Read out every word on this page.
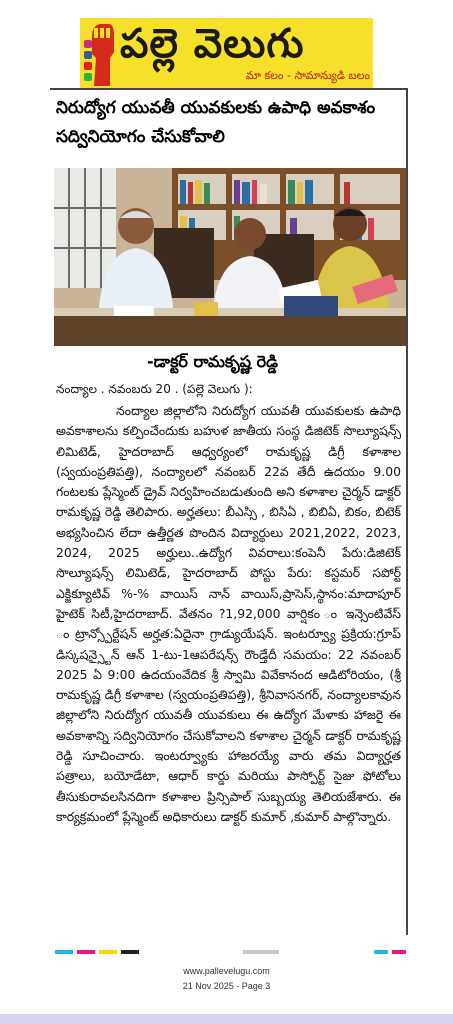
పల్లె వెలుగు
మా కలం - సామాన్యుడి బలం
నిరుద్యోగ యువతీ యువకులకు ఉపాధి అవకాశం సద్వినియోగం చేసుకోవాలి
-డాక్టర్ రామకృష్ణ రెడ్డి
నంద్యాల . నవంబరు 20 . (పల్లె వెలుగు ):

నంద్యాల జిల్లాలోని నిరుద్యోగ యువతీ యువకులకు ఉపాధి అవకాశాలను కల్పించేందుకు బహుళ జాతీయ సంస్థ డిజిటెక్ సొల్యూషన్స్ లిమిటెడ్, హైదరాబాద్ ఆధ్వర్యంలో రామకృష్ణ డిగ్రీ కళాశాల (స్వయంప్రతిపత్తి), నంద్యాలలో నవంబర్ 22వ తేదీ ఉదయం 9.00 గంటలకు ప్లేస్మెంట్ డ్రైవ్ నిర్వహించబడుతుంది అని కళాశాల చైర్మన్ డాక్టర్ రామకృష్ణ రెడ్డి తెలిపారు. అర్హతలు: బీఎస్సి , బిసిఏ , బిబిఏ, బికం, బిటెక్ అభ్యసించిన లేదా ఉత్తీర్ణత పొందిన విద్యార్థులు 2021,2022, 2023, 2024, 2025 అర్హులు..ఉద్యోగ వివరాలు:కంపెనీ పేరు:డిజిటెక్ సొల్యూషన్స్ లిమిటెడ్, హైదరాబాద్ పోస్టు పేరు: కస్టమర్ సపోర్ట్ ఎక్జిక్యూటివ్ %-% వాయిస్ నాన్ వాయిస్,ప్రాసెస్,స్థానం:మాదాపూర్ హైటెక్ సిటీ,హైదరాబాద్. వేతనం ?1,92,000 వార్షికం ం ఇన్సెంటివేస్ ం ట్రాన్స్పోర్టేషన్ అర్హత:ఏదైనా గ్రాడ్యుయేషన్. ఇంటర్వ్యూ ప్రక్రియ:గ్రూప్ డిస్కషన్స్టైన్ ఆన్ 1-టు-1ఆపరేషన్స్ రౌండ్తేదీ సమయం: 22 నవంబర్ 2025 ఏ 9:00 ఉదయంవేదిక శ్రీ స్వామి వివేకానంద ఆడిటోరియం, (శ్రీ రామకృష్ణ డిగ్రీ కళాశాల (స్వయంప్రతిపత్తి), శ్రీనివాసనగర్, నంద్యాలకావున జిల్లాలోని నిరుద్యోగ యువతీ యువకులు ఈ ఉద్యోగ మేళాకు హాజరై ఈ అవకాశాన్ని సద్వినియోగం చేసుకోవాలని కళాశాల చైర్మన్ డాక్టర్ రామకృష్ణ రెడ్డి సూచించారు. ఇంటర్వ్యూకు హాజరయ్యే వారు తమ విద్యార్హత పత్రాలు, బయోడేటా, ఆధార్ కార్డు మరియు పాస్పోర్ట్ సైజు ఫోటోలు తీసుకురావలసినదిగా కళాశాల ప్రిన్సిపాల్ సుబ్బయ్య తెలియజేశారు. ఈ కార్యక్రమంలో ప్లేస్మెంట్ అధికారులు డాక్టర్ కుమార్ ,కుమార్ పాల్గొన్నారు.

www.pallevelugu.com
21 Nov 2025 - Page 3
